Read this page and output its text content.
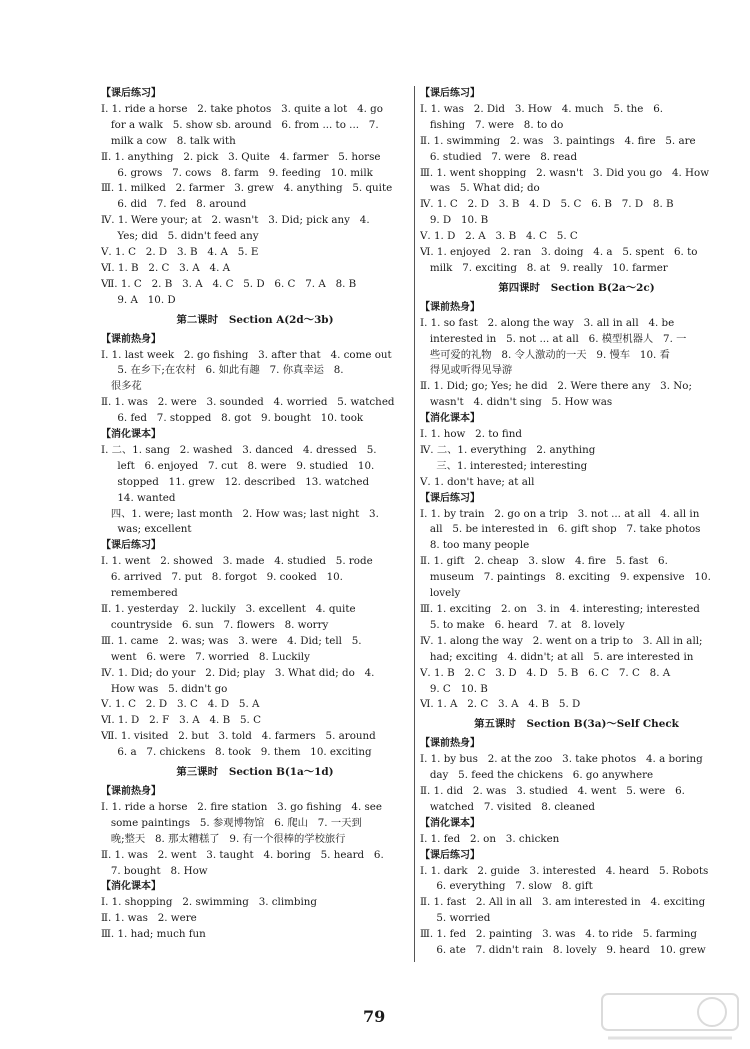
【课后练习】
Ⅰ. 1. ride a horse   2. take photos   3. quite a lot   4. go
for a walk   5. show sb. around   6. from ... to ...   7.
milk a cow   8. talk with
Ⅱ. 1. anything   2. pick   3. Quite   4. farmer   5. horse
6. grows   7. cows   8. farm   9. feeding   10. milk
Ⅲ. 1. milked   2. farmer   3. grew   4. anything   5. quite
6. did   7. fed   8. around
Ⅳ. 1. Were your; at   2. wasn't   3. Did; pick any   4.
Yes; did   5. didn't feed any
Ⅴ. 1. C   2. D   3. B   4. A   5. E
Ⅵ. 1. B   2. C   3. A   4. A
Ⅶ. 1. C   2. B   3. A   4. C   5. D   6. C   7. A   8. B
9. A   10. D
第二课时   Section A(2d～3b)
【课前热身】
Ⅰ. 1. last week   2. go fishing   3. after that   4. come out
5. 在乡下;在农村   6. 如此有趣   7. 你真幸运   8.
很多花
Ⅱ. 1. was   2. were   3. sounded   4. worried   5. watched
6. fed   7. stopped   8. got   9. bought   10. took
【消化课本】
Ⅰ. 二、1. sang   2. washed   3. danced   4. dressed   5.
left   6. enjoyed   7. cut   8. were   9. studied   10.
stopped   11. grew   12. described   13. watched
14. wanted
四、1. were; last month   2. How was; last night   3.
was; excellent
【课后练习】
Ⅰ. 1. went   2. showed   3. made   4. studied   5. rode
6. arrived   7. put   8. forgot   9. cooked   10.
remembered
Ⅱ. 1. yesterday   2. luckily   3. excellent   4. quite
countryside   6. sun   7. flowers   8. worry
Ⅲ. 1. came   2. was; was   3. were   4. Did; tell   5.
went   6. were   7. worried   8. Luckily
Ⅳ. 1. Did; do your   2. Did; play   3. What did; do   4.
How was   5. didn't go
Ⅴ. 1. C   2. D   3. C   4. D   5. A
Ⅵ. 1. D   2. F   3. A   4. B   5. C
Ⅶ. 1. visited   2. but   3. told   4. farmers   5. around
6. a   7. chickens   8. took   9. them   10. exciting
第三课时   Section B(1a～1d)
【课前热身】
Ⅰ. 1. ride a horse   2. fire station   3. go fishing   4. see
some paintings   5. 参观博物馆   6. 爬山   7. 一天到
晚;整天   8. 那太糟糕了   9. 有一个很棒的学校旅行
Ⅱ. 1. was   2. went   3. taught   4. boring   5. heard   6.
7. bought   8. How
【消化课本】
Ⅰ. 1. shopping   2. swimming   3. climbing
Ⅱ. 1. was   2. were
Ⅲ. 1. had; much fun
【课后练习】
Ⅰ. 1. was   2. Did   3. How   4. much   5. the   6.
fishing   7. were   8. to do
Ⅱ. 1. swimming   2. was   3. paintings   4. fire   5. are
6. studied   7. were   8. read
Ⅲ. 1. went shopping   2. wasn't   3. Did you go   4. How
was   5. What did; do
Ⅳ. 1. C   2. D   3. B   4. D   5. C   6. B   7. D   8. B
9. D   10. B
Ⅴ. 1. D   2. A   3. B   4. C   5. C
Ⅵ. 1. enjoyed   2. ran   3. doing   4. a   5. spent   6. to
milk   7. exciting   8. at   9. really   10. farmer
第四课时   Section B(2a～2c)
【课前热身】
Ⅰ. 1. so fast   2. along the way   3. all in all   4. be
interested in   5. not ... at all   6. 模型机器人   7. 一
些可爱的礼物   8. 令人激动的一天   9. 慢车   10. 看
得见或听得见导游
Ⅱ. 1. Did; go; Yes; he did   2. Were there any   3. No;
wasn't   4. didn't sing   5. How was
【消化课本】
Ⅰ. 1. how   2. to find
Ⅳ. 二、1. everything   2. anything
三、1. interested; interesting
Ⅴ. 1. don't have; at all
【课后练习】
Ⅰ. 1. by train   2. go on a trip   3. not ... at all   4. all in
all   5. be interested in   6. gift shop   7. take photos
8. too many people
Ⅱ. 1. gift   2. cheap   3. slow   4. fire   5. fast   6.
museum   7. paintings   8. exciting   9. expensive   10.
lovely
Ⅲ. 1. exciting   2. on   3. in   4. interesting; interested
5. to make   6. heard   7. at   8. lovely
Ⅳ. 1. along the way   2. went on a trip to   3. All in all;
had; exciting   4. didn't; at all   5. are interested in
Ⅴ. 1. B   2. C   3. D   4. D   5. B   6. C   7. C   8. A
9. C   10. B
Ⅵ. 1. A   2. C   3. A   4. B   5. D
第五课时   Section B(3a)～Self Check
【课前热身】
Ⅰ. 1. by bus   2. at the zoo   3. take photos   4. a boring
day   5. feed the chickens   6. go anywhere
Ⅱ. 1. did   2. was   3. studied   4. went   5. were   6.
watched   7. visited   8. cleaned
【消化课本】
Ⅰ. 1. fed   2. on   3. chicken
【课后练习】
Ⅰ. 1. dark   2. guide   3. interested   4. heard   5. Robots
6. everything   7. slow   8. gift
Ⅱ. 1. fast   2. All in all   3. am interested in   4. exciting
5. worried
Ⅲ. 1. fed   2. painting   3. was   4. to ride   5. farming
6. ate   7. didn't rain   8. lovely   9. heard   10. grew
79
